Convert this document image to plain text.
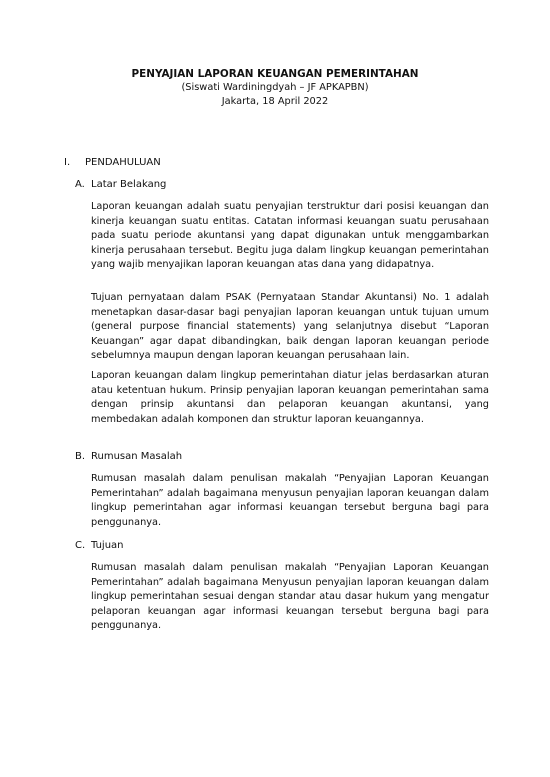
PENYAJIAN LAPORAN KEUANGAN PEMERINTAHAN
(Siswati Wardiningdyah – JF APKAPBN)
Jakarta, 18 April 2022
I. PENDAHULUAN
A. Latar Belakang

Laporan keuangan adalah suatu penyajian terstruktur dari posisi keuangan dan kinerja keuangan suatu entitas. Catatan informasi keuangan suatu perusahaan pada suatu periode akuntansi yang dapat digunakan untuk menggambarkan kinerja perusahaan tersebut. Begitu juga dalam lingkup keuangan pemerintahan yang wajib menyajikan laporan keuangan atas dana yang didapatnya.

Tujuan pernyataan dalam PSAK (Pernyataan Standar Akuntansi) No. 1 adalah menetapkan dasar-dasar bagi penyajian laporan keuangan untuk tujuan umum (general purpose financial statements) yang selanjutnya disebut “Laporan Keuangan” agar dapat dibandingkan, baik dengan laporan keuangan periode sebelumnya maupun dengan laporan keuangan perusahaan lain.

Laporan keuangan dalam lingkup pemerintahan diatur jelas berdasarkan aturan atau ketentuan hukum. Prinsip penyajian laporan keuangan pemerintahan sama dengan prinsip akuntansi dan pelaporan keuangan akuntansi, yang membedakan adalah komponen dan struktur laporan keuangannya.

B. Rumusan Masalah

Rumusan masalah dalam penulisan makalah “Penyajian Laporan Keuangan Pemerintahan” adalah bagaimana menyusun penyajian laporan keuangan dalam lingkup pemerintahan agar informasi keuangan tersebut berguna bagi para penggunanya.

C. Tujuan

Rumusan masalah dalam penulisan makalah “Penyajian Laporan Keuangan Pemerintahan” adalah bagaimana Menyusun penyajian laporan keuangan dalam lingkup pemerintahan sesuai dengan standar atau dasar hukum yang mengatur pelaporan keuangan agar informasi keuangan tersebut berguna bagi para penggunanya.
